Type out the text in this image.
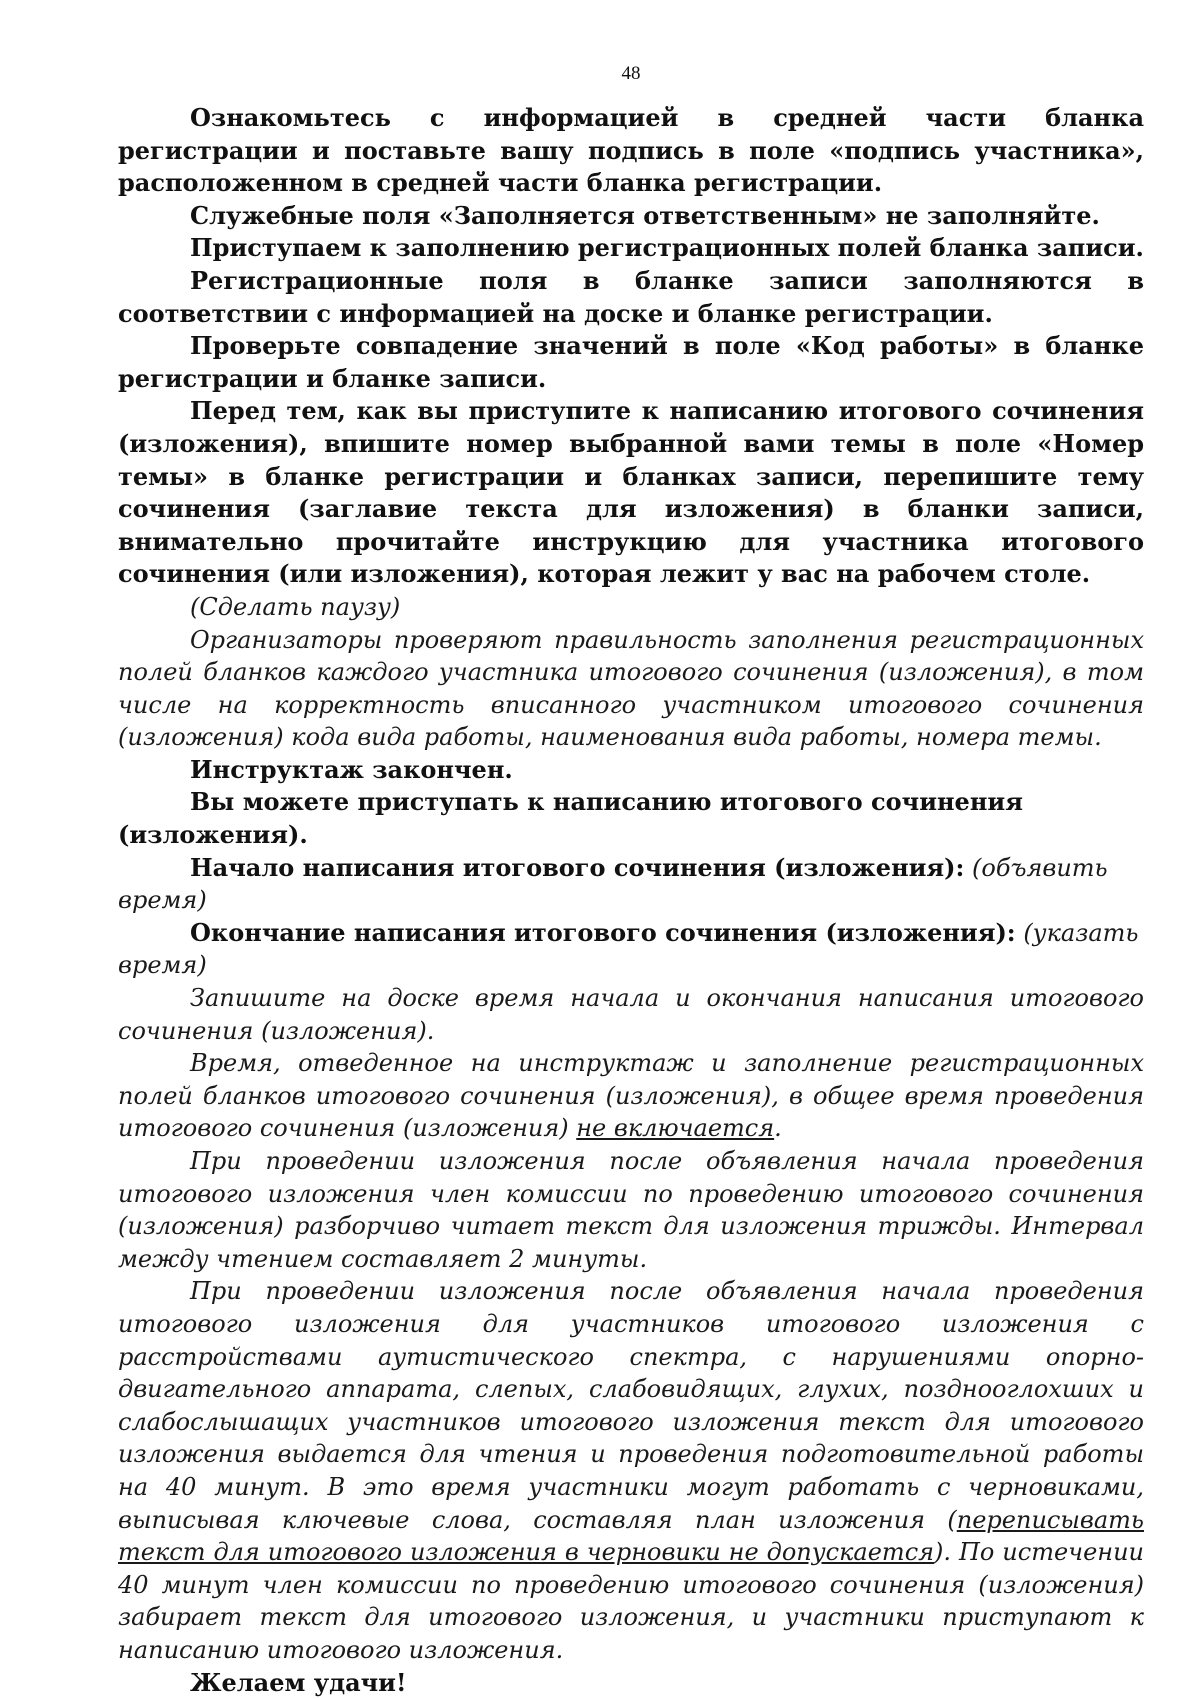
48

Ознакомьтесь с информацией в средней части бланка регистрации и поставьте вашу подпись в поле «подпись участника», расположенном в средней части бланка регистрации.

Служебные поля «Заполняется ответственным» не заполняйте.

Приступаем к заполнению регистрационных полей бланка записи.

Регистрационные поля в бланке записи заполняются в соответствии с информацией на доске и бланке регистрации.

Проверьте совпадение значений в поле «Код работы» в бланке регистрации и бланке записи.

Перед тем, как вы приступите к написанию итогового сочинения (изложения), впишите номер выбранной вами темы в поле «Номер темы» в бланке регистрации и бланках записи, перепишите тему сочинения (заглавие текста для изложения) в бланки записи, внимательно прочитайте инструкцию для участника итогового сочинения (или изложения), которая лежит у вас на рабочем столе.

(Сделать паузу)

Организаторы проверяют правильность заполнения регистрационных полей бланков каждого участника итогового сочинения (изложения), в том числе на корректность вписанного участником итогового сочинения (изложения) кода вида работы, наименования вида работы, номера темы.

Инструктаж закончен.

Вы можете приступать к написанию итогового сочинения (изложения).

Начало написания итогового сочинения (изложения): (объявить время)

Окончание написания итогового сочинения (изложения): (указать время)

Запишите на доске время начала и окончания написания итогового сочинения (изложения).

Время, отведенное на инструктаж и заполнение регистрационных полей бланков итогового сочинения (изложения), в общее время проведения итогового сочинения (изложения) не включается.

При проведении изложения после объявления начала проведения итогового изложения член комиссии по проведению итогового сочинения (изложения) разборчиво читает текст для изложения трижды. Интервал между чтением составляет 2 минуты.

При проведении изложения после объявления начала проведения итогового изложения для участников итогового изложения с расстройствами аутистического спектра, с нарушениями опорно-двигательного аппарата, слепых, слабовидящих, глухих, позднооглохших и слабослышащих участников итогового изложения текст для итогового изложения выдается для чтения и проведения подготовительной работы на 40 минут. В это время участники могут работать с черновиками, выписывая ключевые слова, составляя план изложения (переписывать текст для итогового изложения в черновики не допускается). По истечении 40 минут член комиссии по проведению итогового сочинения (изложения) забирает текст для итогового изложения, и участники приступают к написанию итогового изложения.

Желаем удачи!
